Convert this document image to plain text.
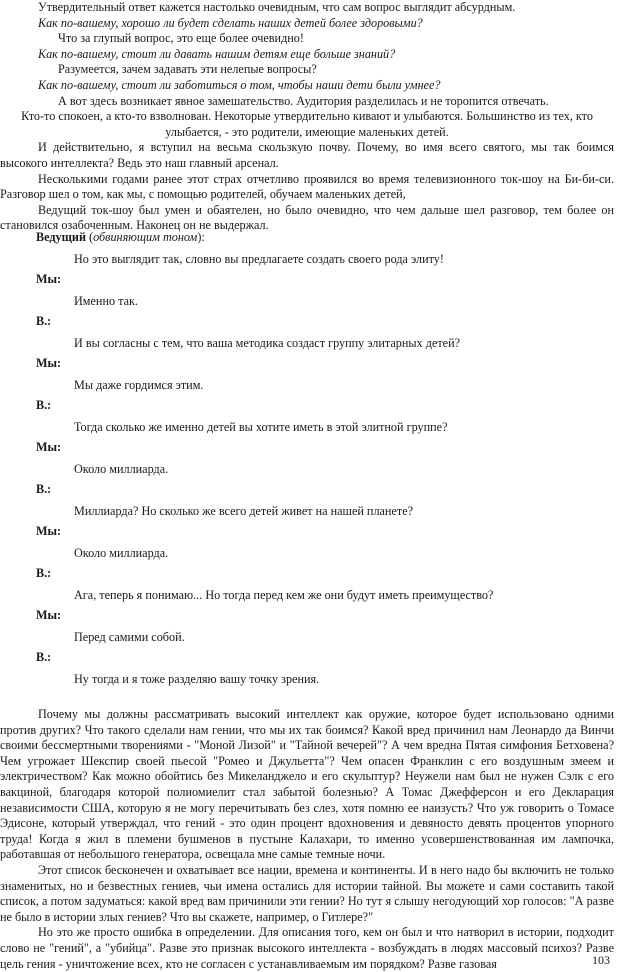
Утвердительный ответ кажется настолько очевидным, что сам вопрос выглядит абсурдным.

Как по-вашему, хорошо ли будет сделать наших детей более здоровыми?

Что за глупый вопрос, это еще более очевидно!

Как по-вашему, стоит ли давать нашим детям еще больше знаний?

Разумеется, зачем задавать эти нелепые вопросы?

Как по-вашему, стоит ли заботиться о том, чтобы наши дети были умнее?

А вот здесь возникает явное замешательство. Аудитория разделилась и не торопится отвечать.

Кто-то спокоен, а кто-то взволнован. Некоторые утвердительно кивают и улыбаются. Большинство из тех, кто улыбается, - это родители, имеющие маленьких детей.

И действительно, я вступил на весьма скользкую почву. Почему, во имя всего святого, мы так боимся высокого интеллекта? Ведь это наш главный арсенал.

Несколькими годами ранее этот страх отчетливо проявился во время телевизионного ток-шоу на Би-би-си. Разговор шел о том, как мы, с помощью родителей, обучаем маленьких детей,

Ведущий ток-шоу был умен и обаятелен, но было очевидно, что чем дальше шел разговор, тем более он становился озабоченным. Наконец он не выдержал.

Ведущий (обвиняющим тоном):
Но это выглядит так, словно вы предлагаете создать своего рода элиту!
Мы:
Именно так.
В.:
И вы согласны с тем, что ваша методика создаст группу элитарных детей?
Мы:
Мы даже гордимся этим.
В.:
Тогда сколько же именно детей вы хотите иметь в этой элитной группе?
Мы:
Около миллиарда.
В.:
Миллиарда? Но сколько же всего детей живет на нашей планете?
Мы:
Около миллиарда.
В.:
Ага, теперь я понимаю... Но тогда перед кем же они будут иметь преимущество?
Мы:
Перед самими собой.
В.:
Ну тогда и я тоже разделяю вашу точку зрения.

Почему мы должны рассматривать высокий интеллект как оружие, которое будет использовано одними против других? Что такого сделали нам гении, что мы их так боимся? Какой вред причинил нам Леонардо да Винчи своими бессмертными творениями - "Моной Лизой" и "Тайной вечерей"? А чем вредна Пятая симфония Бетховена? Чем угрожает Шекспир своей пьесой "Ромео и Джульетта"? Чем опасен Франклин с его воздушным змеем и электричеством? Как можно обойтись без Микеланджело и его скульптур? Неужели нам был не нужен Сэлк с его вакциной, благодаря которой полиомиелит стал забытой болезнью? А Томас Джефферсон и его Декларация независимости США, которую я не могу перечитывать без слез, хотя помню ее наизусть? Что уж говорить о Томасе Эдисоне, который утверждал, что гений - это один процент вдохновения и девяносто девять процентов упорного труда! Когда я жил в племени бушменов в пустыне Калахари, то именно усовершенствованная им лампочка, работавшая от небольшого генератора, освещала мне самые темные ночи.

Этот список бесконечен и охватывает все нации, времена и континенты. И в него надо бы включить не только знаменитых, но и безвестных гениев, чьи имена остались для истории тайной. Вы можете и сами составить такой список, а потом задуматься: какой вред вам причинили эти гении? Но тут я слышу негодующий хор голосов: "А разве не было в истории злых гениев? Что вы скажете, например, о Гитлере?"

Но это же просто ошибка в определении. Для описания того, кем он был и что натворил в истории, подходит слово не "гений", а "убийца". Разве это признак высокого интеллекта - возбуждать в людях массовый психоз? Разве цель гения - уничтожение всех, кто не согласен с устанавливаемым им порядком? Разве газовая	103
